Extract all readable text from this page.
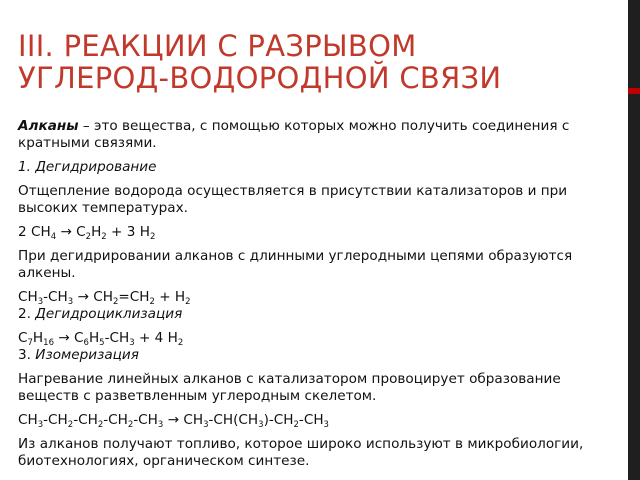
III. РЕАКЦИИ С РАЗРЫВОМ
УГЛЕРОД-ВОДОРОДНОЙ СВЯЗИ
Алканы – это вещества, с помощью которых можно получить соединения с
кратными связями.
1. Дегидрирование
Отщепление водорода осуществляется в присутствии катализаторов и при
высоких температурах.
2 $CH_4 \to C_2H_2 + 3$ $H_2$
При дегидрировании алканов с длинными углеродными цепями образуются
алкены.
$CH_3-CH_3 \to CH_2=CH_2 + H_2$
2. Дегидроциклизация
$C_7H_{16} \to C_6H_5-CH_3 + 4$ $H_2$
3. Изомеризация
Нагревание линейных алканов с катализатором провоцирует образование
веществ с разветвленным углеродным скелетом.
$CH_3-CH_2-CH_2-CH_2-CH_3 \to CH_3-CH(CH_3)-CH_2-CH_3$
Из алканов получают топливо, которое широко используют в микробиологии,
биотехнологиях, органическом синтезе.
